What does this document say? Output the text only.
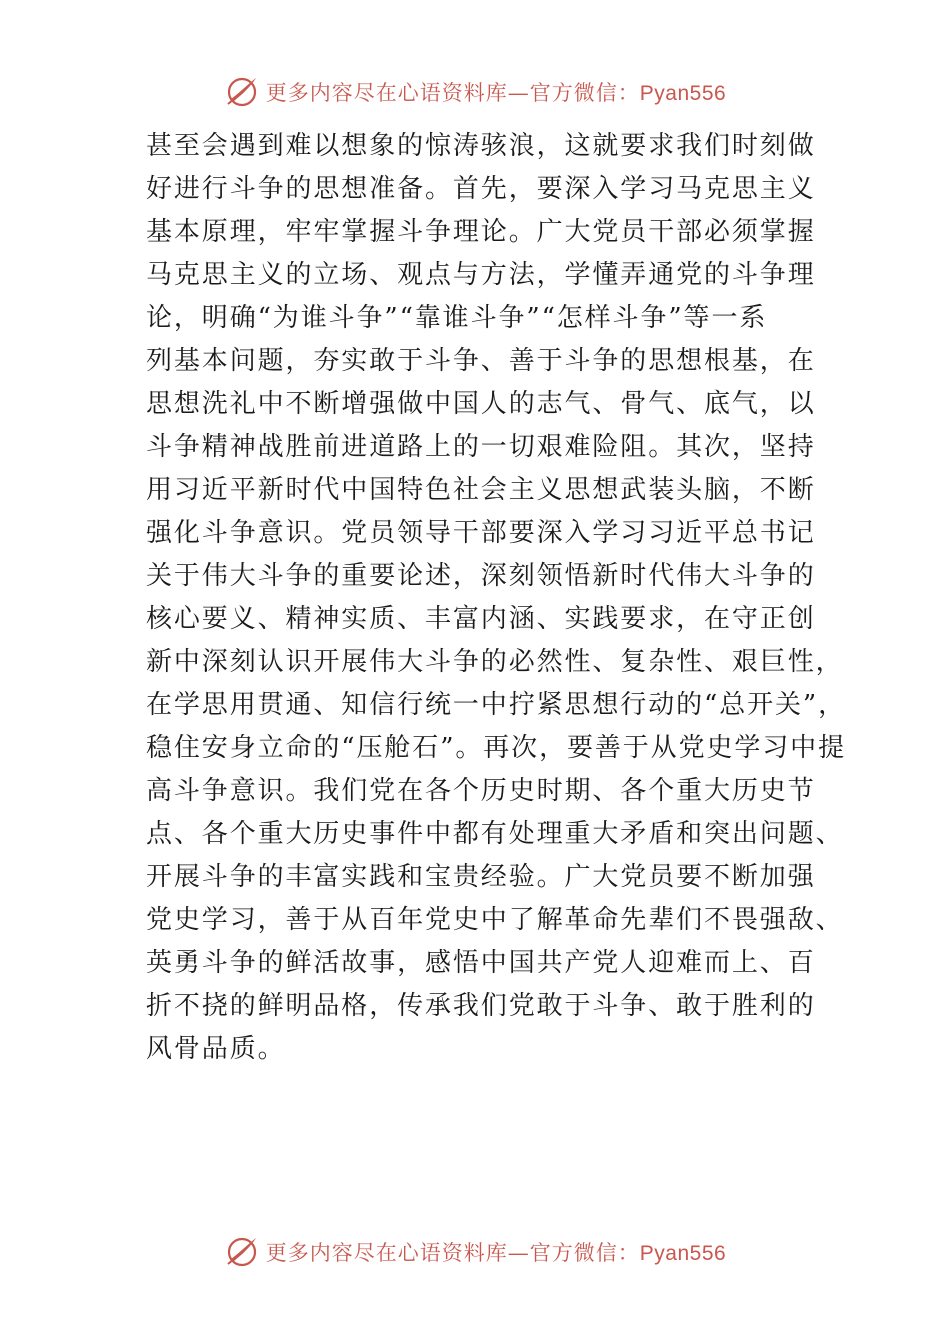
更多内容尽在心语资料库—官方微信：Pyan556
甚至会遇到难以想象的惊涛骇浪，这就要求我们时刻做
好进行斗争的思想准备。首先，要深入学习马克思主义
基本原理，牢牢掌握斗争理论。广大党员干部必须掌握
马克思主义的立场、观点与方法，学懂弄通党的斗争理
论，明确“为谁斗争”“靠谁斗争”“怎样斗争”等一系
列基本问题，夯实敢于斗争、善于斗争的思想根基，在
思想洗礼中不断增强做中国人的志气、骨气、底气，以
斗争精神战胜前进道路上的一切艰难险阻。其次，坚持
用习近平新时代中国特色社会主义思想武装头脑，不断
强化斗争意识。党员领导干部要深入学习习近平总书记
关于伟大斗争的重要论述，深刻领悟新时代伟大斗争的
核心要义、精神实质、丰富内涵、实践要求，在守正创
新中深刻认识开展伟大斗争的必然性、复杂性、艰巨性，
在学思用贯通、知信行统一中拧紧思想行动的“总开关”，
稳住安身立命的“压舱石”。再次，要善于从党史学习中提
高斗争意识。我们党在各个历史时期、各个重大历史节
点、各个重大历史事件中都有处理重大矛盾和突出问题、
开展斗争的丰富实践和宝贵经验。广大党员要不断加强
党史学习，善于从百年党史中了解革命先辈们不畏强敌、
英勇斗争的鲜活故事，感悟中国共产党人迎难而上、百
折不挠的鲜明品格，传承我们党敢于斗争、敢于胜利的
风骨品质。
更多内容尽在心语资料库—官方微信：Pyan556
